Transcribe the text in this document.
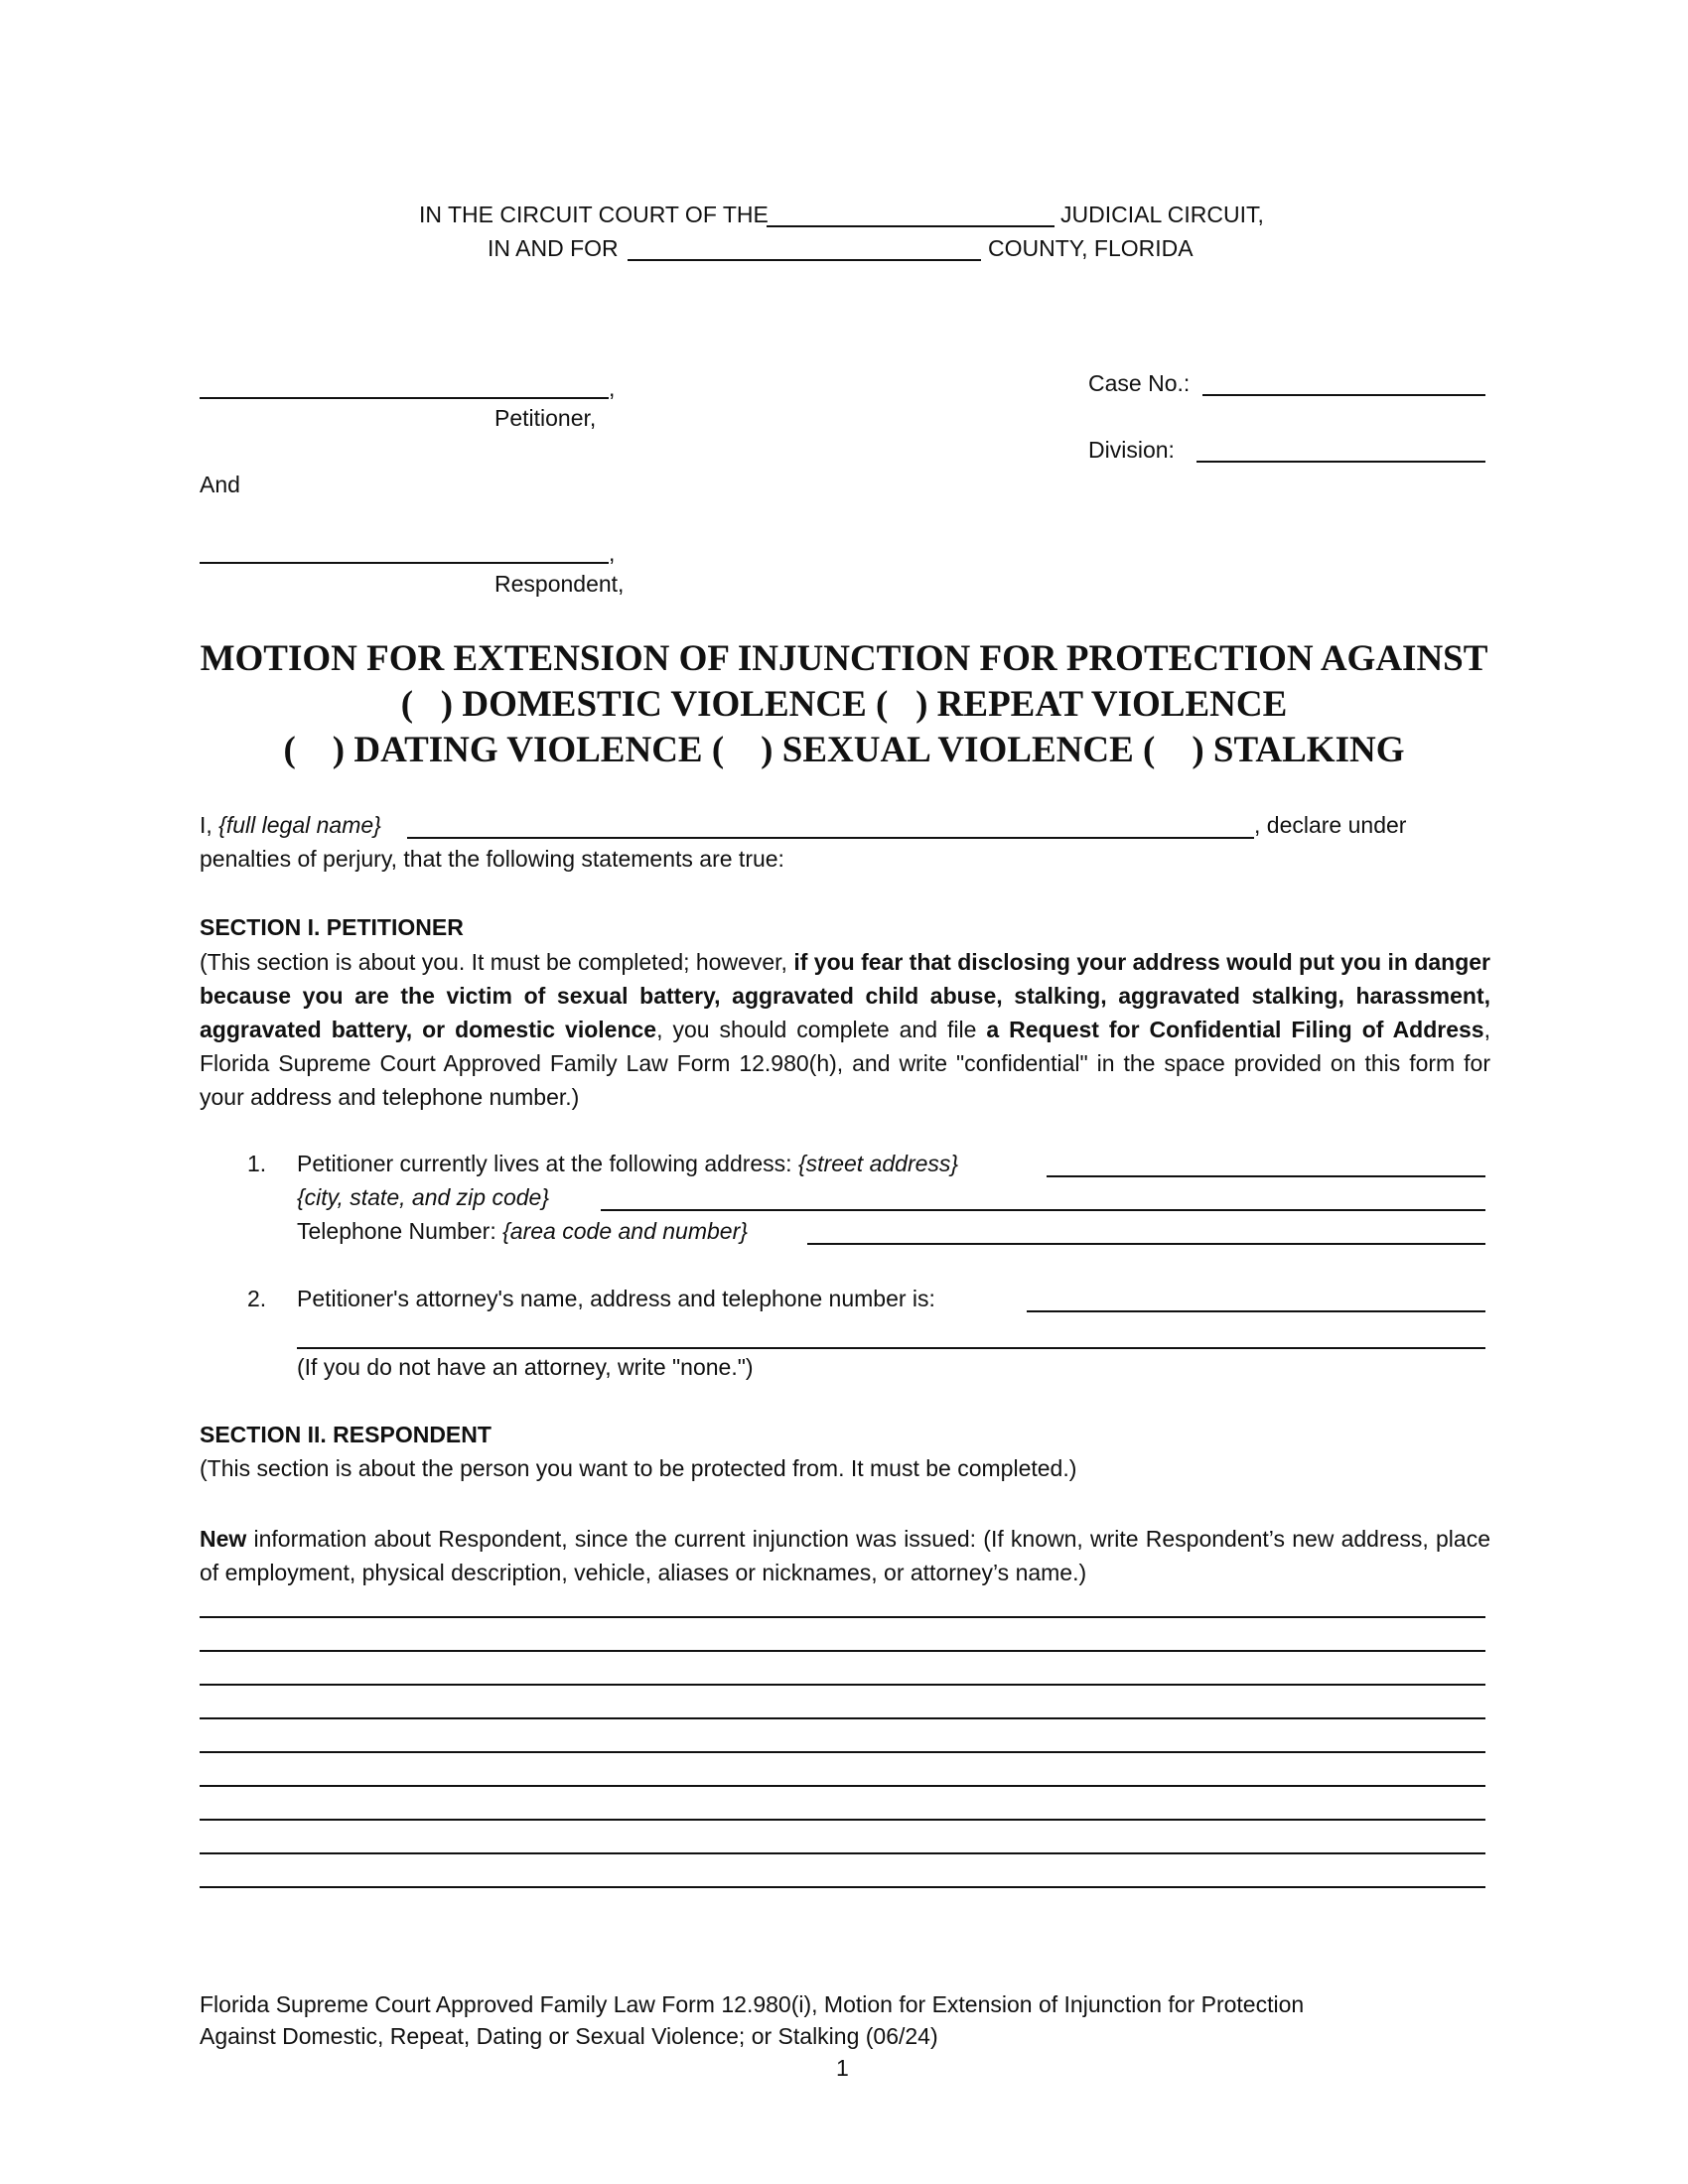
IN THE CIRCUIT COURT OF THE	JUDICIAL CIRCUIT,
IN AND FOR	COUNTY, FLORIDA
,
Petitioner,
And
,
Respondent,
Case No.:
Division:
MOTION FOR EXTENSION OF INJUNCTION FOR PROTECTION AGAINST
(   ) DOMESTIC VIOLENCE (   ) REPEAT VIOLENCE
(    ) DATING VIOLENCE (    ) SEXUAL VIOLENCE (    ) STALKING
I, {full legal name}	, declare under
penalties of perjury, that the following statements are true:
SECTION I. PETITIONER
(This section is about you. It must be completed; however, if you fear that disclosing your address would put you in danger because you are the victim of sexual battery, aggravated child abuse, stalking, aggravated stalking, harassment, aggravated battery, or domestic violence, you should complete and file a Request for Confidential Filing of Address, Florida Supreme Court Approved Family Law Form 12.980(h), and write "confidential" in the space provided on this form for your address and telephone number.)
1. Petitioner currently lives at the following address: {street address}
{city, state, and zip code}
Telephone Number: {area code and number}
2. Petitioner's attorney's name, address and telephone number is:
(If you do not have an attorney, write "none.")
SECTION II. RESPONDENT
(This section is about the person you want to be protected from. It must be completed.)
New information about Respondent, since the current injunction was issued: (If known, write Respondent’s new address, place of employment, physical description, vehicle, aliases or nicknames, or attorney’s name.)
Florida Supreme Court Approved Family Law Form 12.980(i), Motion for Extension of Injunction for Protection
Against Domestic, Repeat, Dating or Sexual Violence; or Stalking (06/24)
1
